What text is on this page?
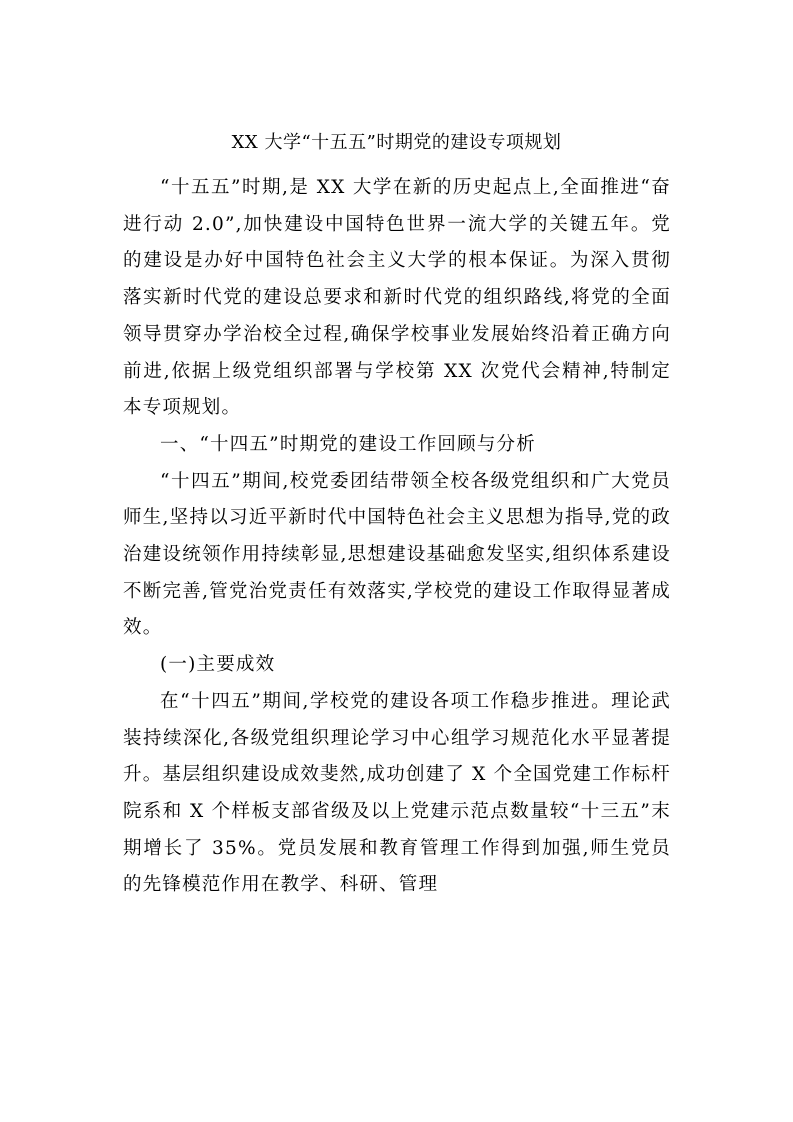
XX 大学“十五五”时期党的建设专项规划

“十五五”时期,是 XX 大学在新的历史起点上,全面推进“奋进行动 2.0”,加快建设中国特色世界一流大学的关键五年。党的建设是办好中国特色社会主义大学的根本保证。为深入贯彻落实新时代党的建设总要求和新时代党的组织路线,将党的全面领导贯穿办学治校全过程,确保学校事业发展始终沿着正确方向前进,依据上级党组织部署与学校第 XX 次党代会精神,特制定本专项规划。

一、“十四五”时期党的建设工作回顾与分析

“十四五”期间,校党委团结带领全校各级党组织和广大党员师生,坚持以习近平新时代中国特色社会主义思想为指导,党的政治建设统领作用持续彰显,思想建设基础愈发坚实,组织体系建设不断完善,管党治党责任有效落实,学校党的建设工作取得显著成效。

(一)主要成效

在“十四五”期间,学校党的建设各项工作稳步推进。理论武装持续深化,各级党组织理论学习中心组学习规范化水平显著提升。基层组织建设成效斐然,成功创建了 X 个全国党建工作标杆院系和 X 个样板支部省级及以上党建示范点数量较“十三五”末期增长了 35%。党员发展和教育管理工作得到加强,师生党员的先锋模范作用在教学、科研、管理
